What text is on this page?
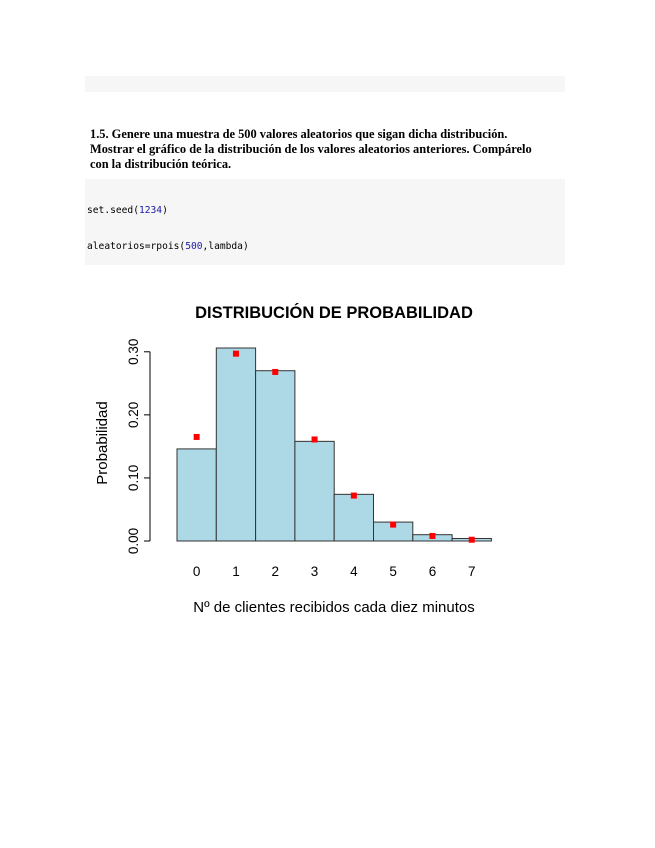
1.5. Genere una muestra de 500 valores aleatorios que sigan dicha distribución. Mostrar el gráfico de la distribución de los valores aleatorios anteriores. Compárelo con la distribución teórica.

set.seed(1234)

aleatorios=rpois(500,lambda)

DISTRIBUCIÓN DE PROBABILIDAD
Probabilidad
Nº de clientes recibidos cada diez minutos
0.00
0.10
0.20
0.30
0 1 2 3 4 5 6 7
